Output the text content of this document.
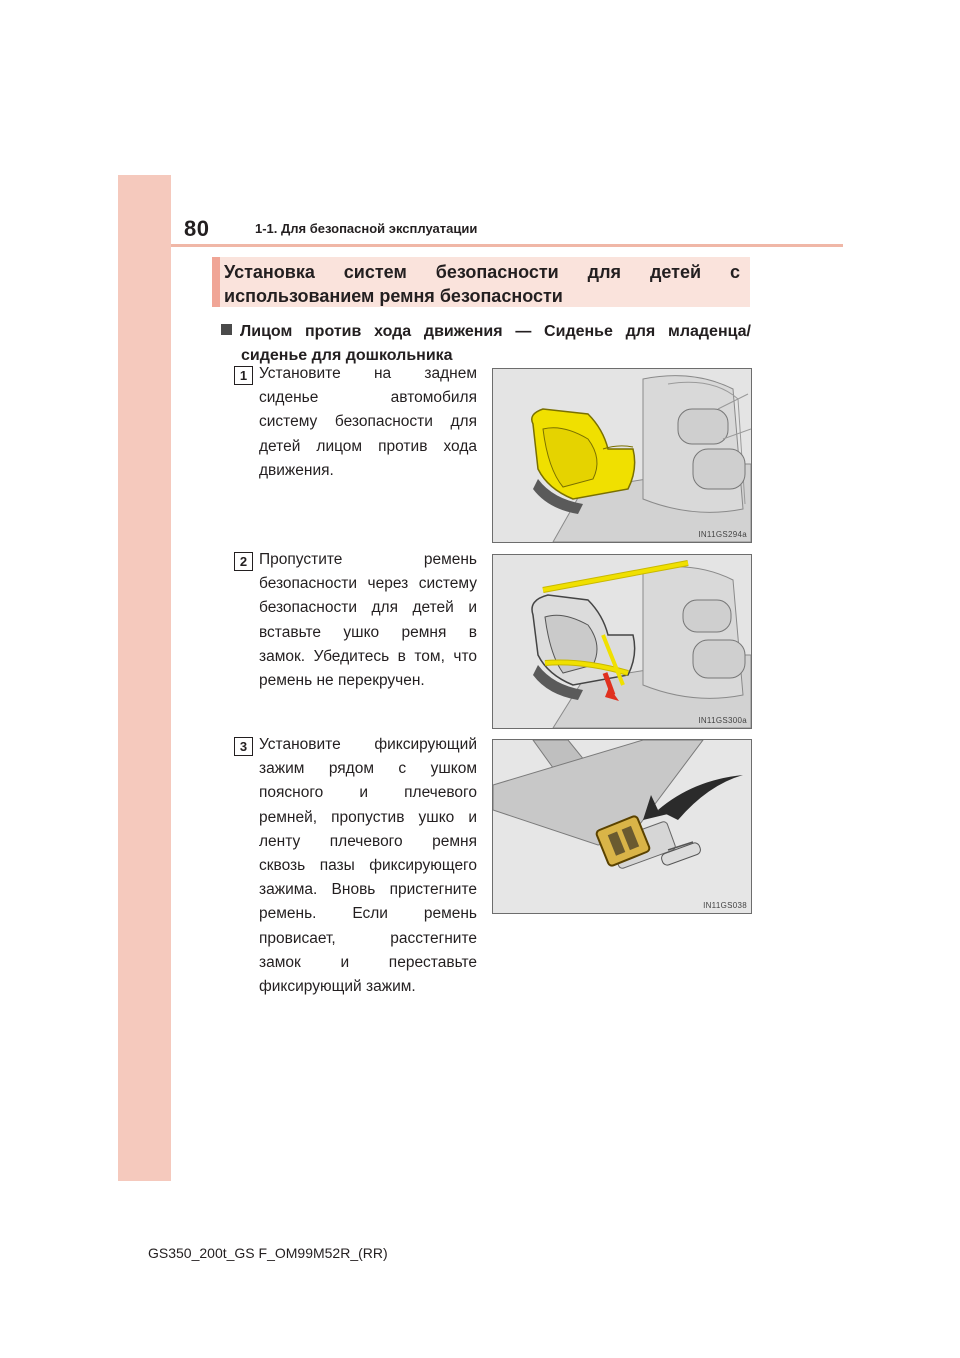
80	1-1. Для безопасной эксплуатации
Установка систем безопасности для детей с использованием ремня безопасности
Лицом против хода движения — Сиденье для младенца/
сиденье для дошкольника
1 Установите на заднем
сиденье автомобиля
систему безопасности для
детей лицом против хода
движения.
IN11GS294a
2 Пропустите ремень
безопасности через систему
безопасности для детей и
вставьте ушко ремня в
замок. Убедитесь в том, что
ремень не перекручен.
IN11GS300a
3 Установите фиксирующий
зажим рядом с ушком
поясного и плечевого
ремней, пропустив ушко и
ленту плечевого ремня
сквозь пазы фиксирующего
зажима. Вновь пристегните
ремень. Если ремень
провисает, расстегните
замок и переставьте
фиксирующий зажим.
IN11GS038
GS350_200t_GS F_OM99M52R_(RR)
